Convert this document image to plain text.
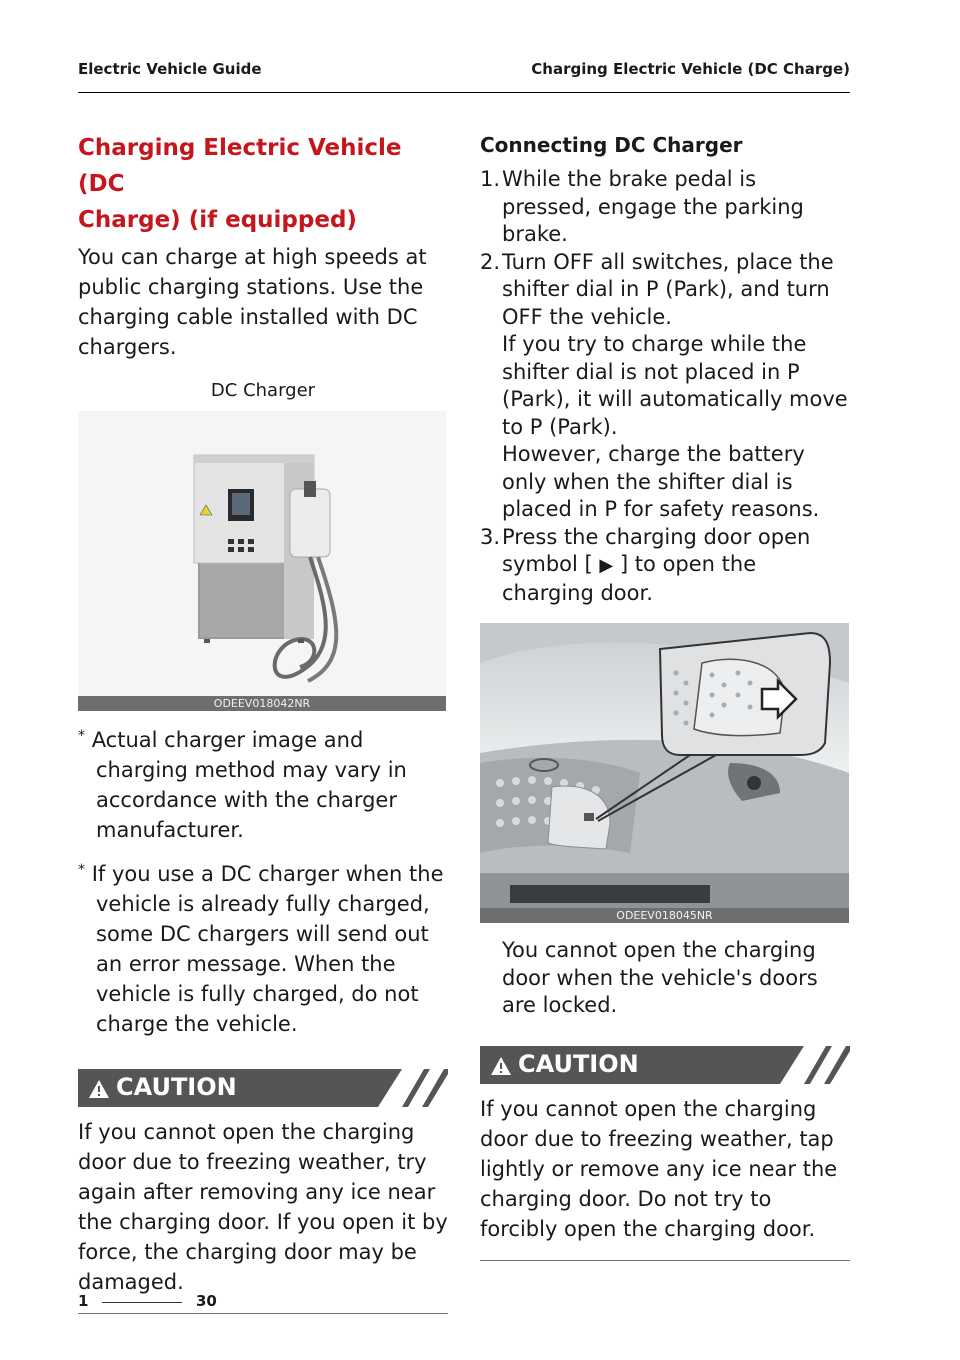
Electric Vehicle Guide	Charging Electric Vehicle (DC Charge)
Charging Electric Vehicle (DC
Charge) (if equipped)

You can charge at high speeds at public charging stations. Use the charging cable installed with DC chargers.

DC Charger
ODEEV018042NR

* Actual charger image and charging method may vary in accordance with the charger manufacturer.

* If you use a DC charger when the vehicle is already fully charged, some DC chargers will send out an error message. When the vehicle is fully charged, do not charge the vehicle.

CAUTION
If you cannot open the charging door due to freezing weather, try again after removing any ice near the charging door. If you open it by force, the charging door may be damaged.
Connecting DC Charger
1. While the brake pedal is pressed, engage the parking brake.
2. Turn OFF all switches, place the shifter dial in P (Park), and turn OFF the vehicle.
If you try to charge while the shifter dial is not placed in P (Park), it will automatically move to P (Park).
However, charge the battery only when the shifter dial is placed in P for safety reasons.
3. Press the charging door open symbol [ ▶ ] to open the charging door.
ODEEV018045NR
You cannot open the charging door when the vehicle's doors are locked.
CAUTION
If you cannot open the charging door due to freezing weather, tap lightly or remove any ice near the charging door. Do not try to forcibly open the charging door.
1	30
